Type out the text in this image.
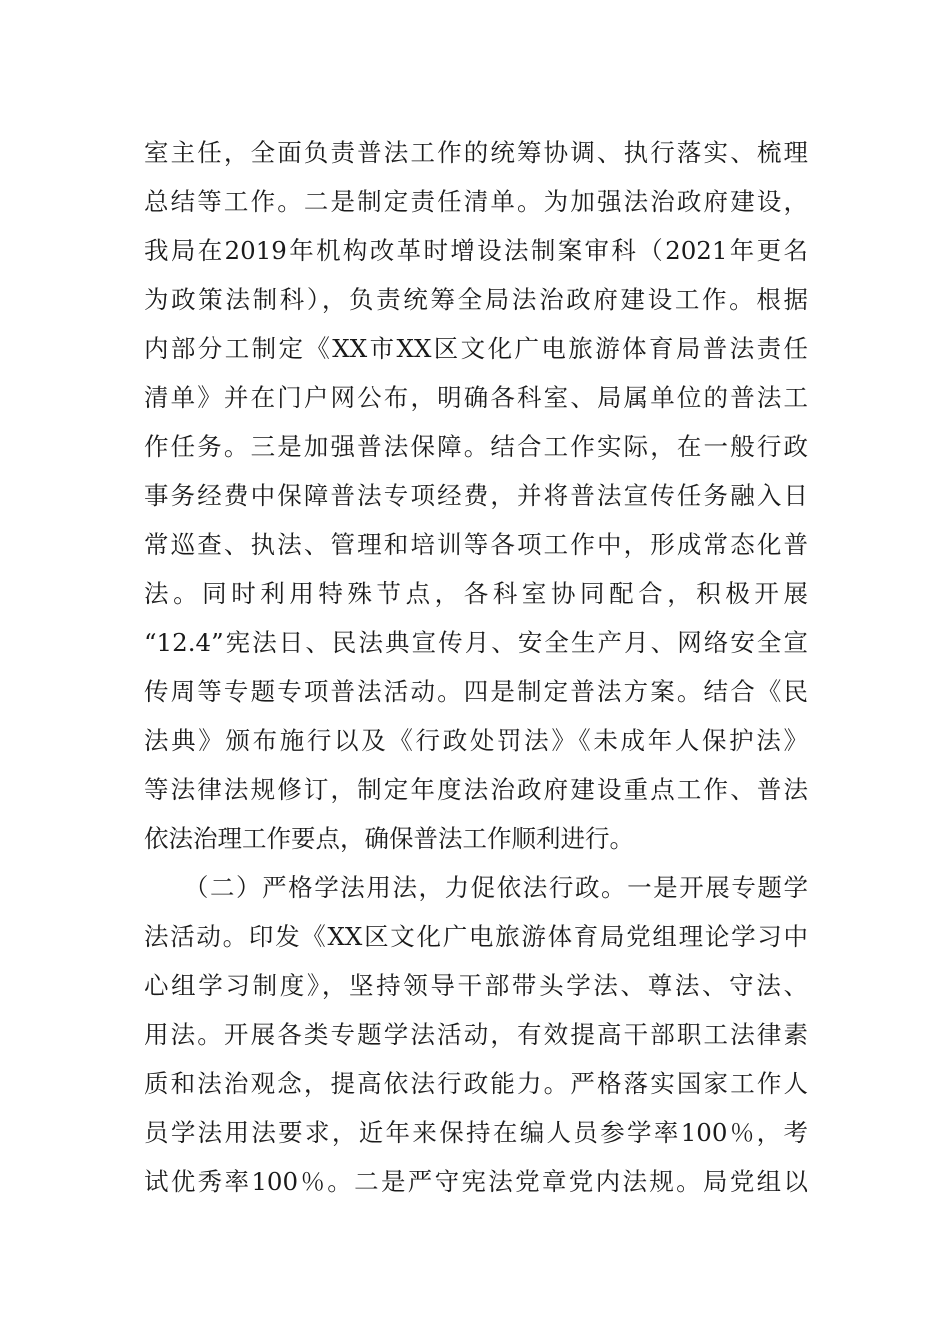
室主任，全面负责普法工作的统筹协调、执行落实、梳理
总结等工作。二是制定责任清单。为加强法治政府建设，
我局在2019年机构改革时增设法制案审科（2021年更名
为政策法制科），负责统筹全局法治政府建设工作。根据
内部分工制定《XX市XX区文化广电旅游体育局普法责任
清单》并在门户网公布，明确各科室、局属单位的普法工
作任务。三是加强普法保障。结合工作实际，在一般行政
事务经费中保障普法专项经费，并将普法宣传任务融入日
常巡查、执法、管理和培训等各项工作中，形成常态化普
法。同时利用特殊节点，各科室协同配合，积极开展
“12.4”宪法日、民法典宣传月、安全生产月、网络安全宣
传周等专题专项普法活动。四是制定普法方案。结合《民
法典》颁布施行以及《行政处罚法》《未成年人保护法》
等法律法规修订，制定年度法治政府建设重点工作、普法
依法治理工作要点，确保普法工作顺利进行。
　　（二）严格学法用法，力促依法行政。一是开展专题学
法活动。印发《XX区文化广电旅游体育局党组理论学习中
心组学习制度》，坚持领导干部带头学法、尊法、守法、
用法。开展各类专题学法活动，有效提高干部职工法律素
质和法治观念，提高依法行政能力。严格落实国家工作人
员学法用法要求，近年来保持在编人员参学率100％，考
试优秀率100％。二是严守宪法党章党内法规。局党组以
